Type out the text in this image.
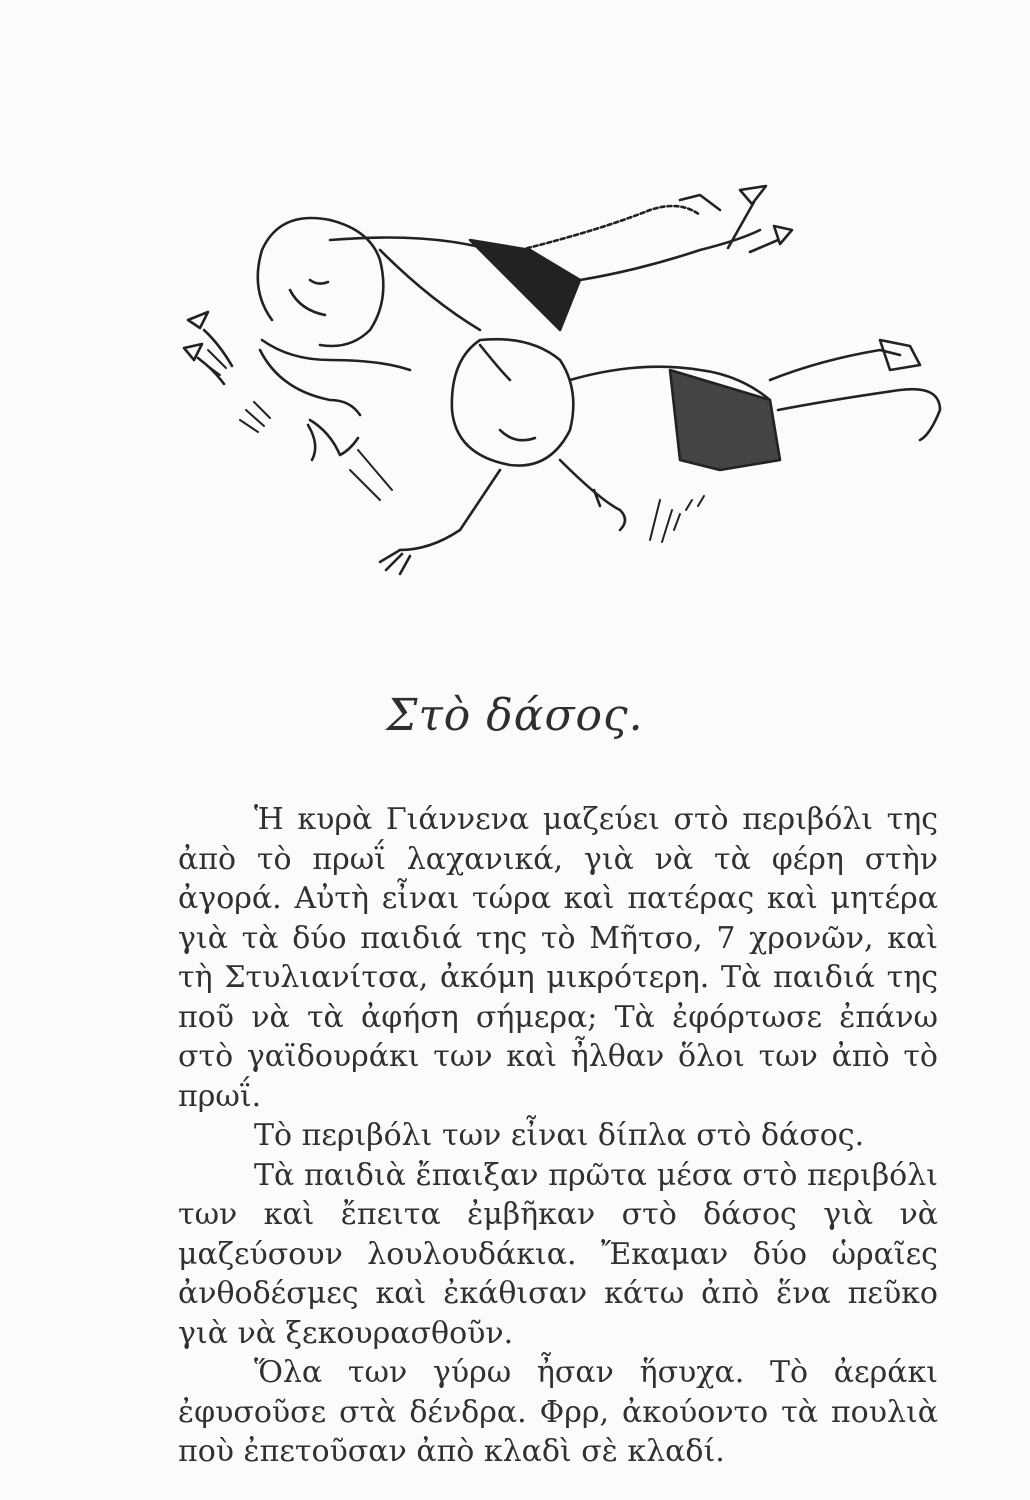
Στὸ δάσος.

Ἡ κυρὰ Γιάννενα μαζεύει στὸ περιβόλι της ἀπὸ τὸ πρωΐ λαχανικά, γιὰ νὰ τὰ φέρη στὴν ἀγορά. Αὐτὴ εἶναι τώρα καὶ πατέρας καὶ μητέρα γιὰ τὰ δύο παιδιά της τὸ Μῆτσο, 7 χρονῶν, καὶ τὴ Στυλιανίτσα, ἀκόμη μικρότερη. Τὰ παιδιά της ποῦ νὰ τὰ ἀφήση σήμερα; Τὰ ἐφόρτωσε ἐπάνω στὸ γαϊδουράκι των καὶ ἦλθαν ὅλοι των ἀπὸ τὸ πρωΐ.

Τὸ περιβόλι των εἶναι δίπλα στὸ δάσος.

Τὰ παιδιὰ ἔπαιξαν πρῶτα μέσα στὸ περιβόλι των καὶ ἔπειτα ἐμβῆκαν στὸ δάσος γιὰ νὰ μαζεύσουν λουλουδάκια. Ἔκαμαν δύο ὡραῖες ἀνθοδέσμες καὶ ἐκάθισαν κάτω ἀπὸ ἕνα πεῦκο γιὰ νὰ ξεκουρασθοῦν.

Ὅλα των γύρω ἦσαν ἥσυχα. Τὸ ἀεράκι ἐφυσοῦσε στὰ δένδρα. Φρρ, ἀκούοντο τὰ πουλιὰ ποὺ ἐπετοῦσαν ἀπὸ κλαδὶ σὲ κλαδί.
